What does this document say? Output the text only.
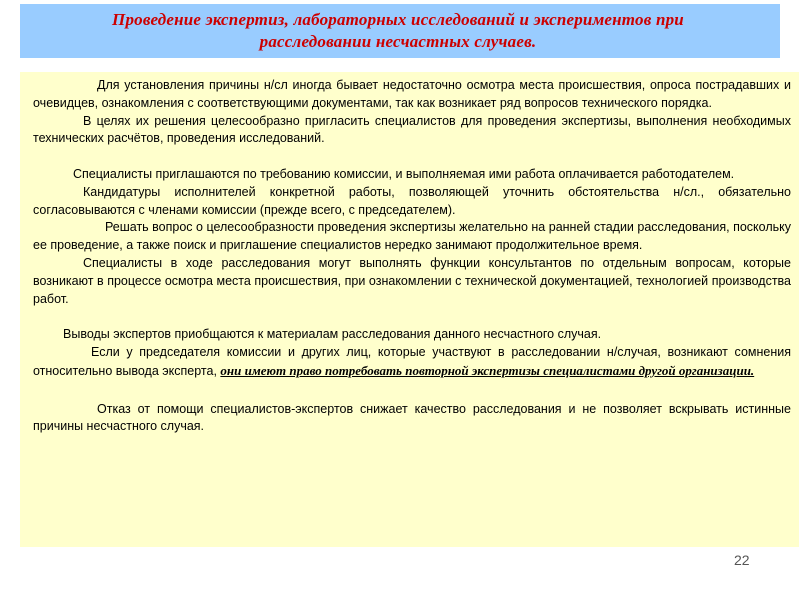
Проведение экспертиз, лабораторных исследований и экспериментов при
расследовании несчастных случаев.

Для установления причины н/сл иногда бывает недостаточно осмотра места происшествия, опроса пострадавших и очевидцев, ознакомления с соответствующими документами, так как возникает ряд вопросов технического порядка.

В целях их решения целесообразно пригласить специалистов для проведения экспертизы, выполнения необходимых технических расчётов, проведения исследований.

Специалисты приглашаются по требованию комиссии, и выполняемая ими работа оплачивается работодателем.

Кандидатуры исполнителей конкретной работы, позволяющей уточнить обстоятельства н/сл., обязательно согласовываются с членами комиссии (прежде всего, с председателем).

Решать вопрос о целесообразности проведения экспертизы желательно на ранней стадии расследования, поскольку ее проведение, а также поиск и приглашение специалистов нередко занимают продолжительное время.

Специалисты в ходе расследования могут выполнять функции консультантов по отдельным вопросам, которые возникают в процессе осмотра места происшествия, при ознакомлении с технической документацией, технологией производства работ.

Выводы экспертов приобщаются к материалам расследования данного несчастного случая.

Если у председателя комиссии и других лиц, которые участвуют в расследовании н/случая, возникают сомнения относительно вывода эксперта, они имеют право потребовать повторной экспертизы специалистами другой организации.

Отказ от помощи специалистов-экспертов снижает качество расследования и не позволяет вскрывать истинные причины несчастного случая.

22
